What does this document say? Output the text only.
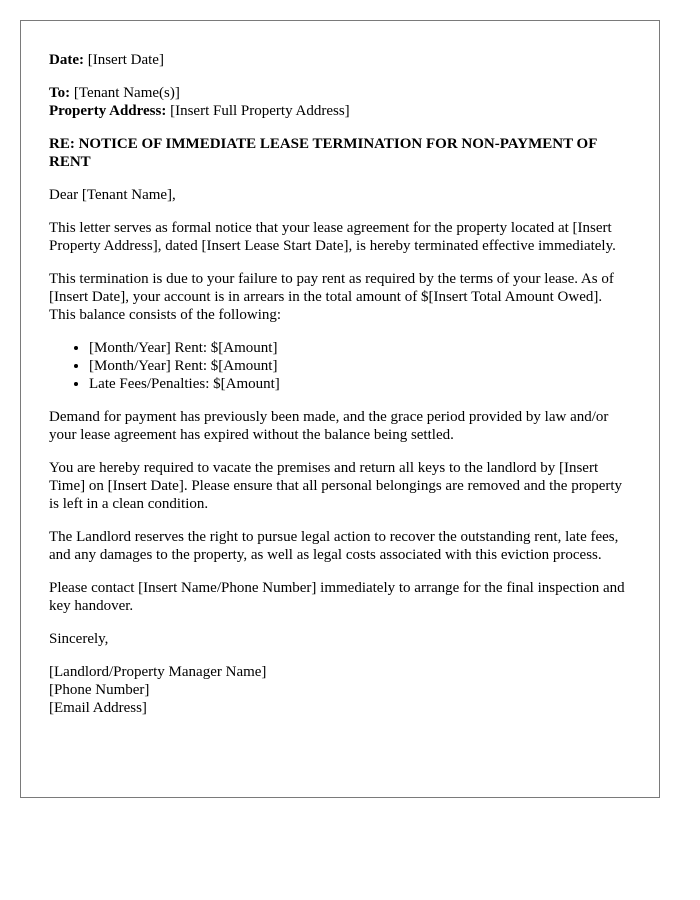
Date: [Insert Date]
To: [Tenant Name(s)]
Property Address: [Insert Full Property Address]
RE: NOTICE OF IMMEDIATE LEASE TERMINATION FOR NON-PAYMENT OF RENT

Dear [Tenant Name],

This letter serves as formal notice that your lease agreement for the property located at [Insert Property Address], dated [Insert Lease Start Date], is hereby terminated effective immediately.

This termination is due to your failure to pay rent as required by the terms of your lease. As of [Insert Date], your account is in arrears in the total amount of $[Insert Total Amount Owed]. This balance consists of the following:

• [Month/Year] Rent: $[Amount]
• [Month/Year] Rent: $[Amount]
• Late Fees/Penalties: $[Amount]

Demand for payment has previously been made, and the grace period provided by law and/or your lease agreement has expired without the balance being settled.

You are hereby required to vacate the premises and return all keys to the landlord by [Insert Time] on [Insert Date]. Please ensure that all personal belongings are removed and the property is left in a clean condition.

The Landlord reserves the right to pursue legal action to recover the outstanding rent, late fees, and any damages to the property, as well as legal costs associated with this eviction process.

Please contact [Insert Name/Phone Number] immediately to arrange for the final inspection and key handover.

Sincerely,

[Landlord/Property Manager Name]
[Phone Number]
[Email Address]
